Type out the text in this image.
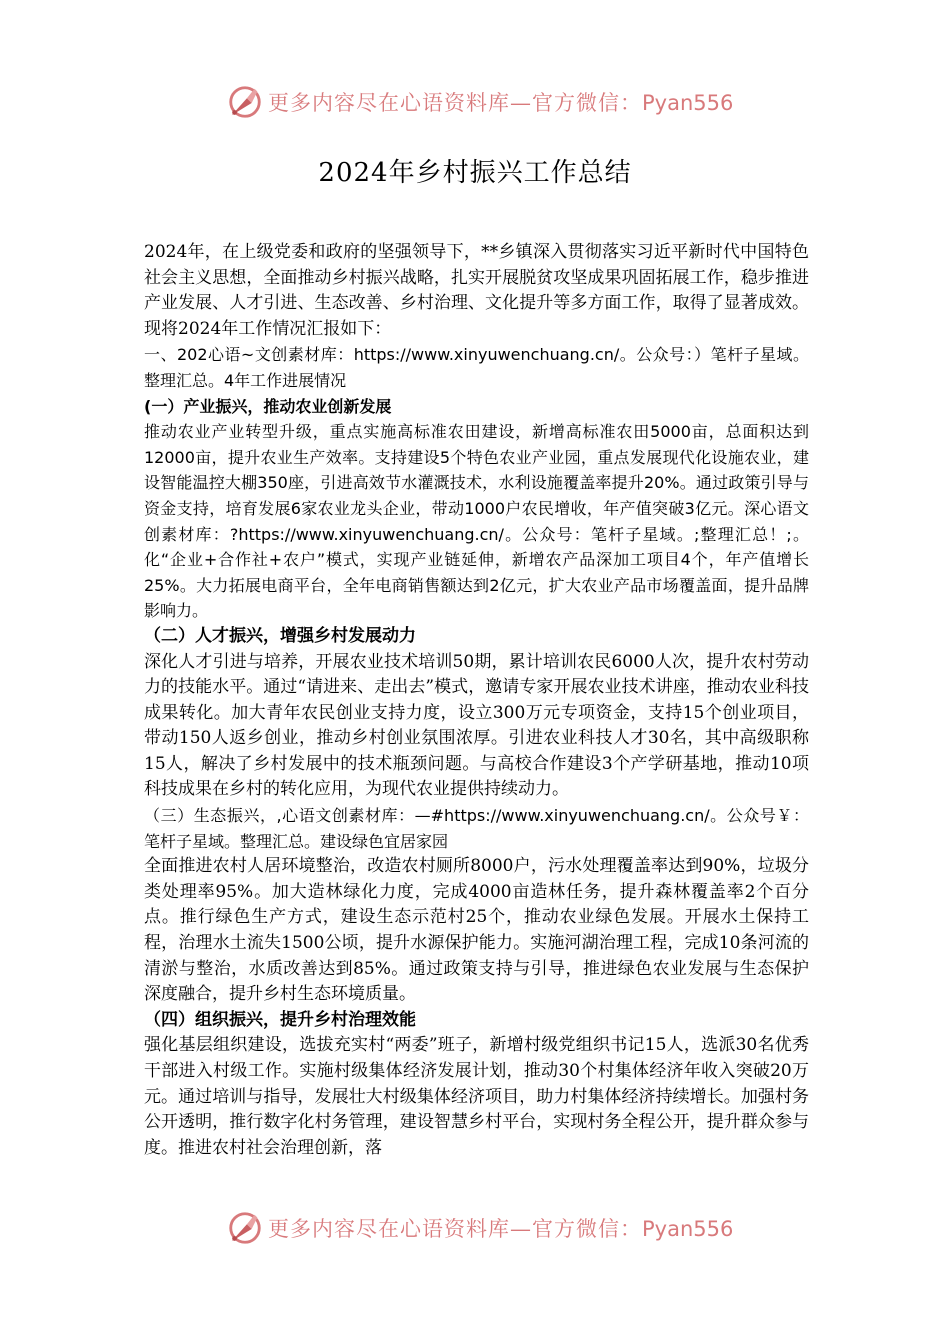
更多内容尽在心语资料库—官方微信：Pyan556
2024年乡村振兴工作总结

2024年，在上级党委和政府的坚强领导下，**乡镇深入贯彻落实习近平新时代中国特色社会主义思想，全面推动乡村振兴战略，扎实开展脱贫攻坚成果巩固拓展工作，稳步推进产业发展、人才引进、生态改善、乡村治理、文化提升等多方面工作，取得了显著成效。现将2024年工作情况汇报如下：

一、202心语~文创素材库：https://www.xinyuwenchuang.cn/。公众号：）笔杆子星域。整理汇总。4年工作进展情况

(一）产业振兴，推动农业创新发展

推动农业产业转型升级，重点实施高标准农田建设，新增高标准农田5000亩，总面积达到12000亩，提升农业生产效率。支持建设5个特色农业产业园，重点发展现代化设施农业，建设智能温控大棚350座，引进高效节水灌溉技术，水利设施覆盖率提升20%。通过政策引导与资金支持，培育发展6家农业龙头企业，带动1000户农民增收，年产值突破3亿元。深心语文创素材库：?https://www.xinyuwenchuang.cn/。公众号：笔杆子星域。;整理汇总！;。化“企业+合作社+农户”模式，实现产业链延伸，新增农产品深加工项目4个，年产值增长25%。大力拓展电商平台，全年电商销售额达到2亿元，扩大农业产品市场覆盖面，提升品牌影响力。

（二）人才振兴，增强乡村发展动力

深化人才引进与培养，开展农业技术培训50期，累计培训农民6000人次，提升农村劳动力的技能水平。通过“请进来、走出去”模式，邀请专家开展农业技术讲座，推动农业科技成果转化。加大青年农民创业支持力度，设立300万元专项资金，支持15个创业项目，带动150人返乡创业，推动乡村创业氛围浓厚。引进农业科技人才30名，其中高级职称15人，解决了乡村发展中的技术瓶颈问题。与高校合作建设3个产学研基地，推动10项科技成果在乡村的转化应用，为现代农业提供持续动力。

（三）生态振兴，,心语文创素材库：—#https://www.xinyuwenchuang.cn/。公众号￥：笔杆子星域。整理汇总。建设绿色宜居家园

全面推进农村人居环境整治，改造农村厕所8000户，污水处理覆盖率达到90%，垃圾分类处理率95%。加大造林绿化力度，完成4000亩造林任务，提升森林覆盖率2个百分点。推行绿色生产方式，建设生态示范村25个，推动农业绿色发展。开展水土保持工程，治理水土流失1500公顷，提升水源保护能力。实施河湖治理工程，完成10条河流的清淤与整治，水质改善达到85%。通过政策支持与引导，推进绿色农业发展与生态保护深度融合，提升乡村生态环境质量。

（四）组织振兴，提升乡村治理效能

强化基层组织建设，选拔充实村“两委”班子，新增村级党组织书记15人，选派30名优秀干部进入村级工作。实施村级集体经济发展计划，推动30个村集体经济年收入突破20万元。通过培训与指导，发展壮大村级集体经济项目，助力村集体经济持续增长。加强村务公开透明，推行数字化村务管理，建设智慧乡村平台，实现村务全程公开，提升群众参与度。推进农村社会治理创新，落

更多内容尽在心语资料库—官方微信：Pyan556
